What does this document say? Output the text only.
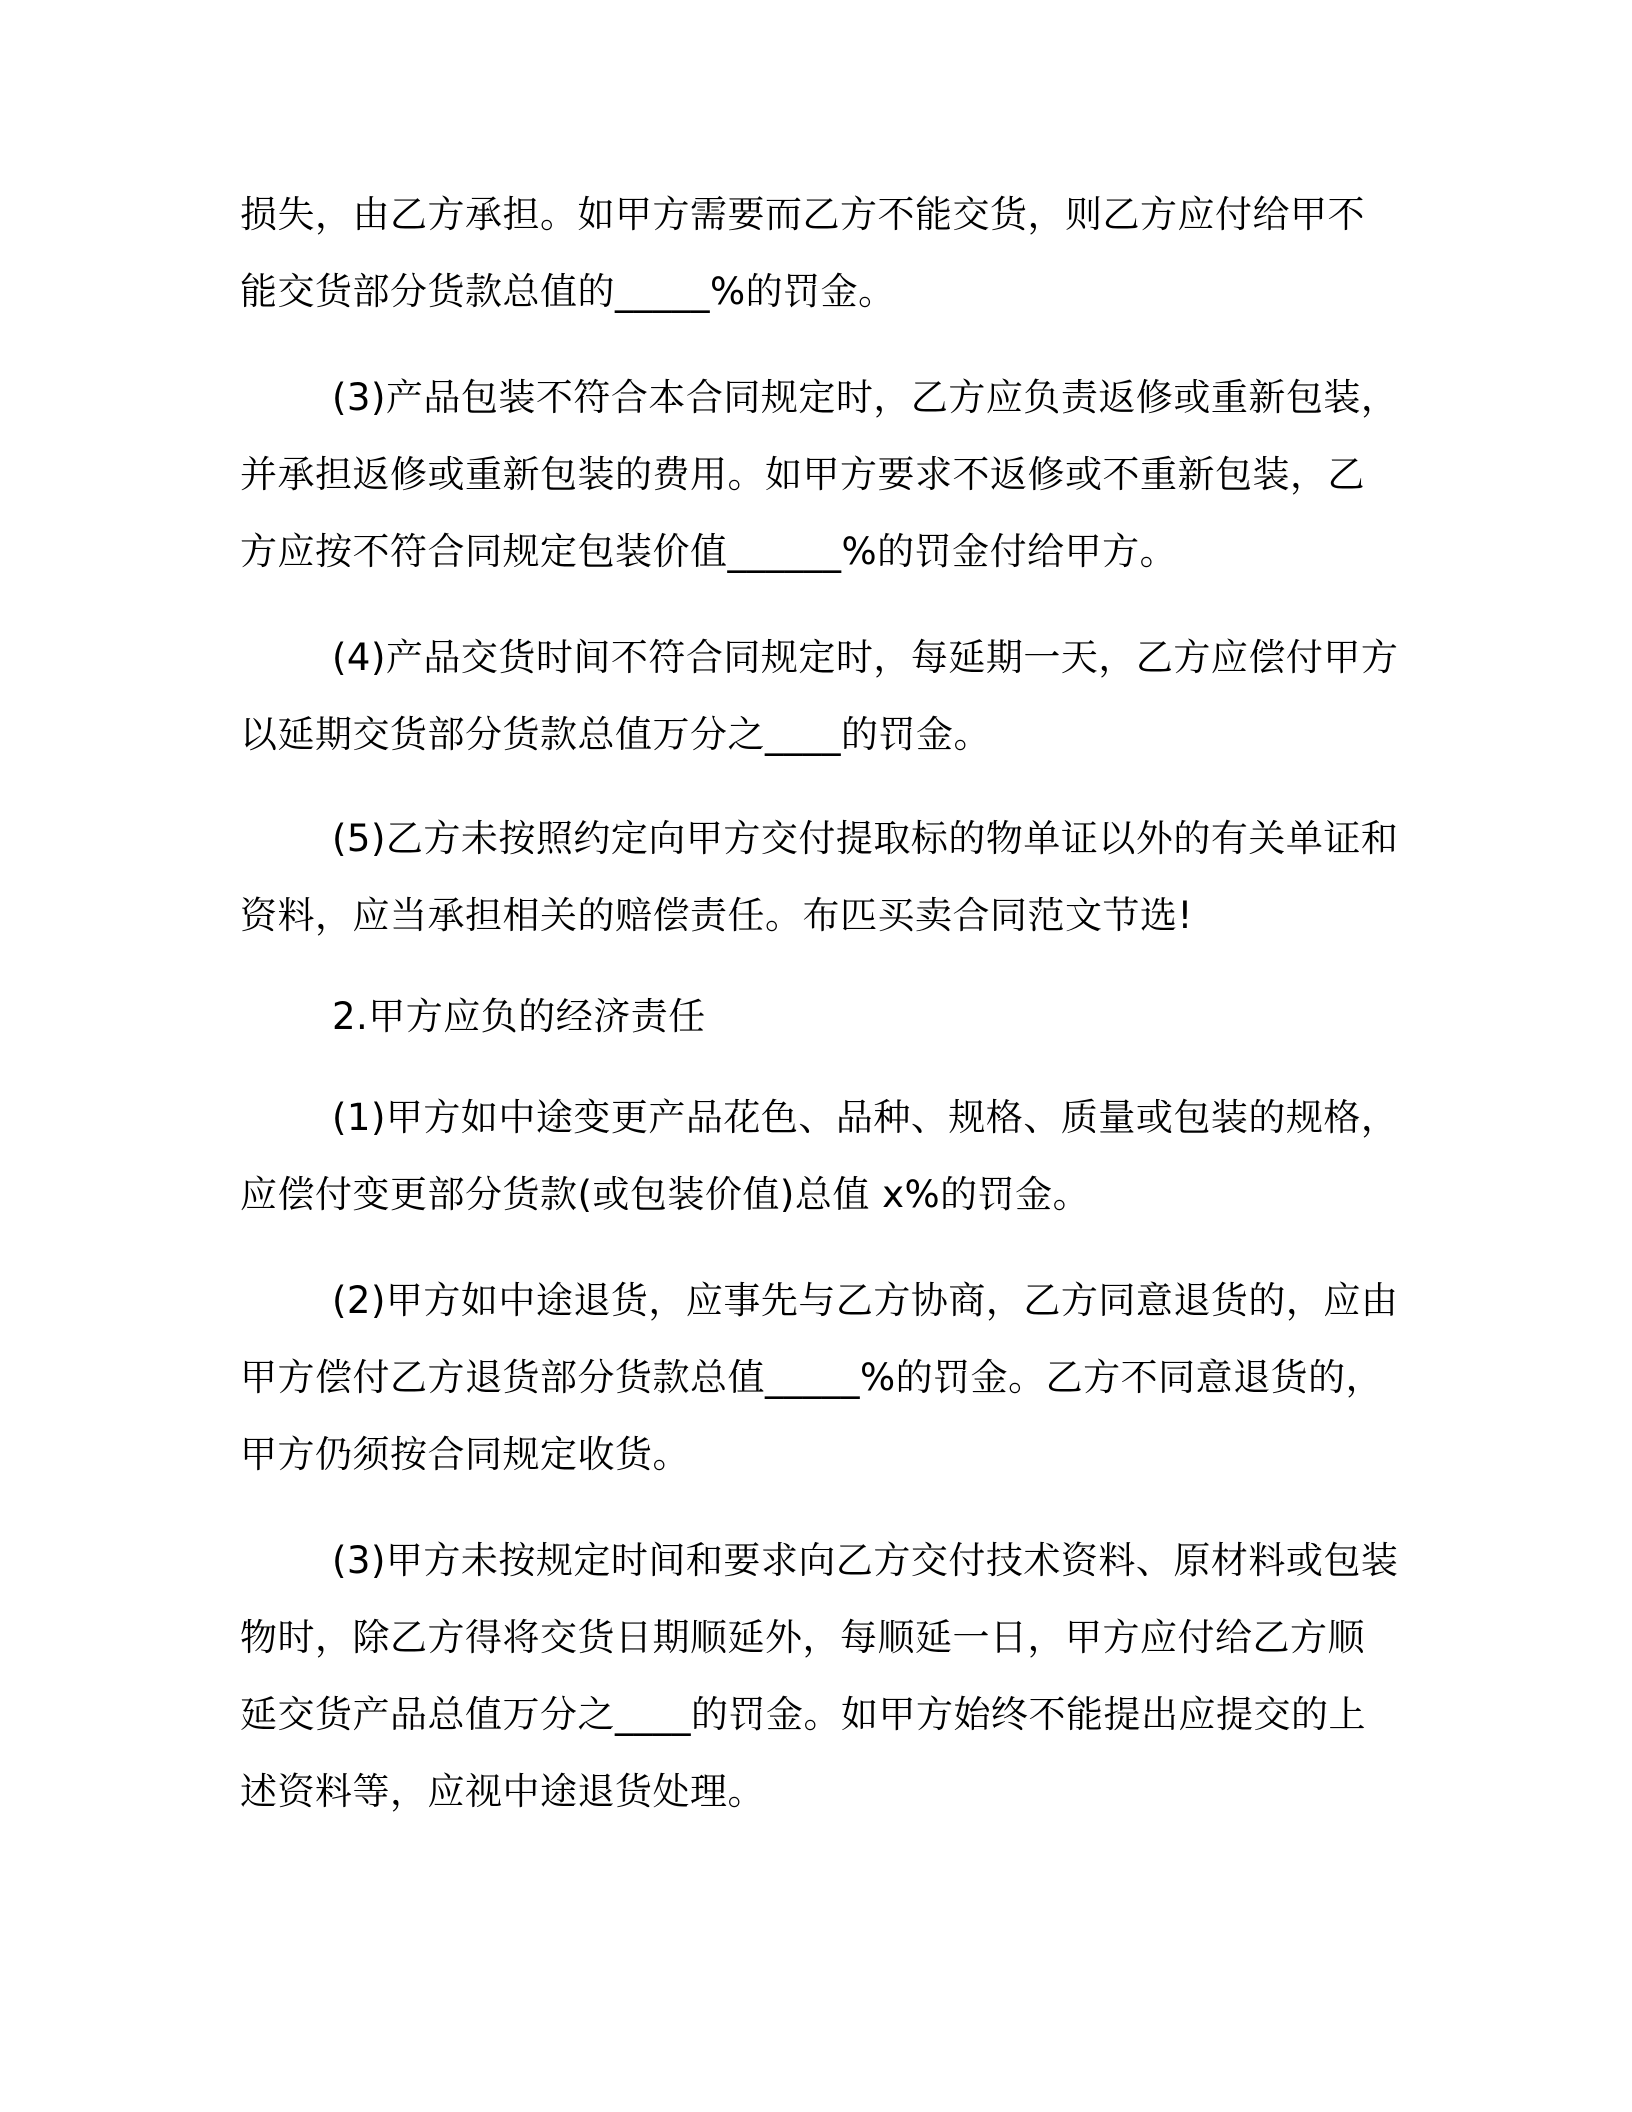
损失，由乙方承担。如甲方需要而乙方不能交货，则乙方应付给甲不

能交货部分货款总值的_____%的罚金。

(3)产品包装不符合本合同规定时，乙方应负责返修或重新包装，

并承担返修或重新包装的费用。如甲方要求不返修或不重新包装，乙

方应按不符合同规定包装价值______%的罚金付给甲方。

(4)产品交货时间不符合同规定时，每延期一天，乙方应偿付甲方

以延期交货部分货款总值万分之____的罚金。

(5)乙方未按照约定向甲方交付提取标的物单证以外的有关单证和

资料，应当承担相关的赔偿责任。布匹买卖合同范文节选!

2.甲方应负的经济责任

(1)甲方如中途变更产品花色、品种、规格、质量或包装的规格，

应偿付变更部分货款(或包装价值)总值 x%的罚金。

(2)甲方如中途退货，应事先与乙方协商，乙方同意退货的，应由

甲方偿付乙方退货部分货款总值_____%的罚金。乙方不同意退货的，

甲方仍须按合同规定收货。

(3)甲方未按规定时间和要求向乙方交付技术资料、原材料或包装

物时，除乙方得将交货日期顺延外，每顺延一日，甲方应付给乙方顺

延交货产品总值万分之____的罚金。如甲方始终不能提出应提交的上

述资料等，应视中途退货处理。
